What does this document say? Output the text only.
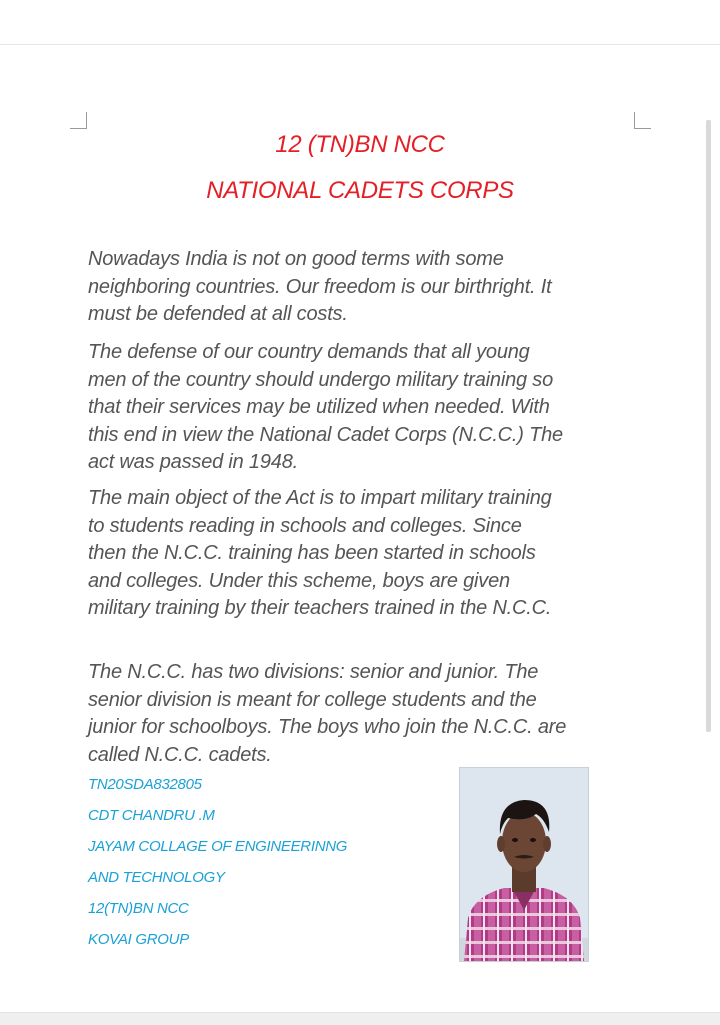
12 (TN)BN NCC
NATIONAL CADETS CORPS

Nowadays India is not on good terms with some
neighboring countries. Our freedom is our birthright. It
must be defended at all costs.

The defense of our country demands that all young
men of the country should undergo military training so
that their services may be utilized when needed. With
this end in view the National Cadet Corps (N.C.C.) The
act was passed in 1948.

The main object of the Act is to impart military training
to students reading in schools and colleges. Since
then the N.C.C. training has been started in schools
and colleges. Under this scheme, boys are given
military training by their teachers trained in the N.C.C.

The N.C.C. has two divisions: senior and junior. The
senior division is meant for college students and the
junior for schoolboys. The boys who join the N.C.C. are
called N.C.C. cadets.

TN20SDA832805
CDT CHANDRU .M
JAYAM COLLAGE OF ENGINEERINNG
AND TECHNOLOGY
12(TN)BN NCC
KOVAI GROUP
